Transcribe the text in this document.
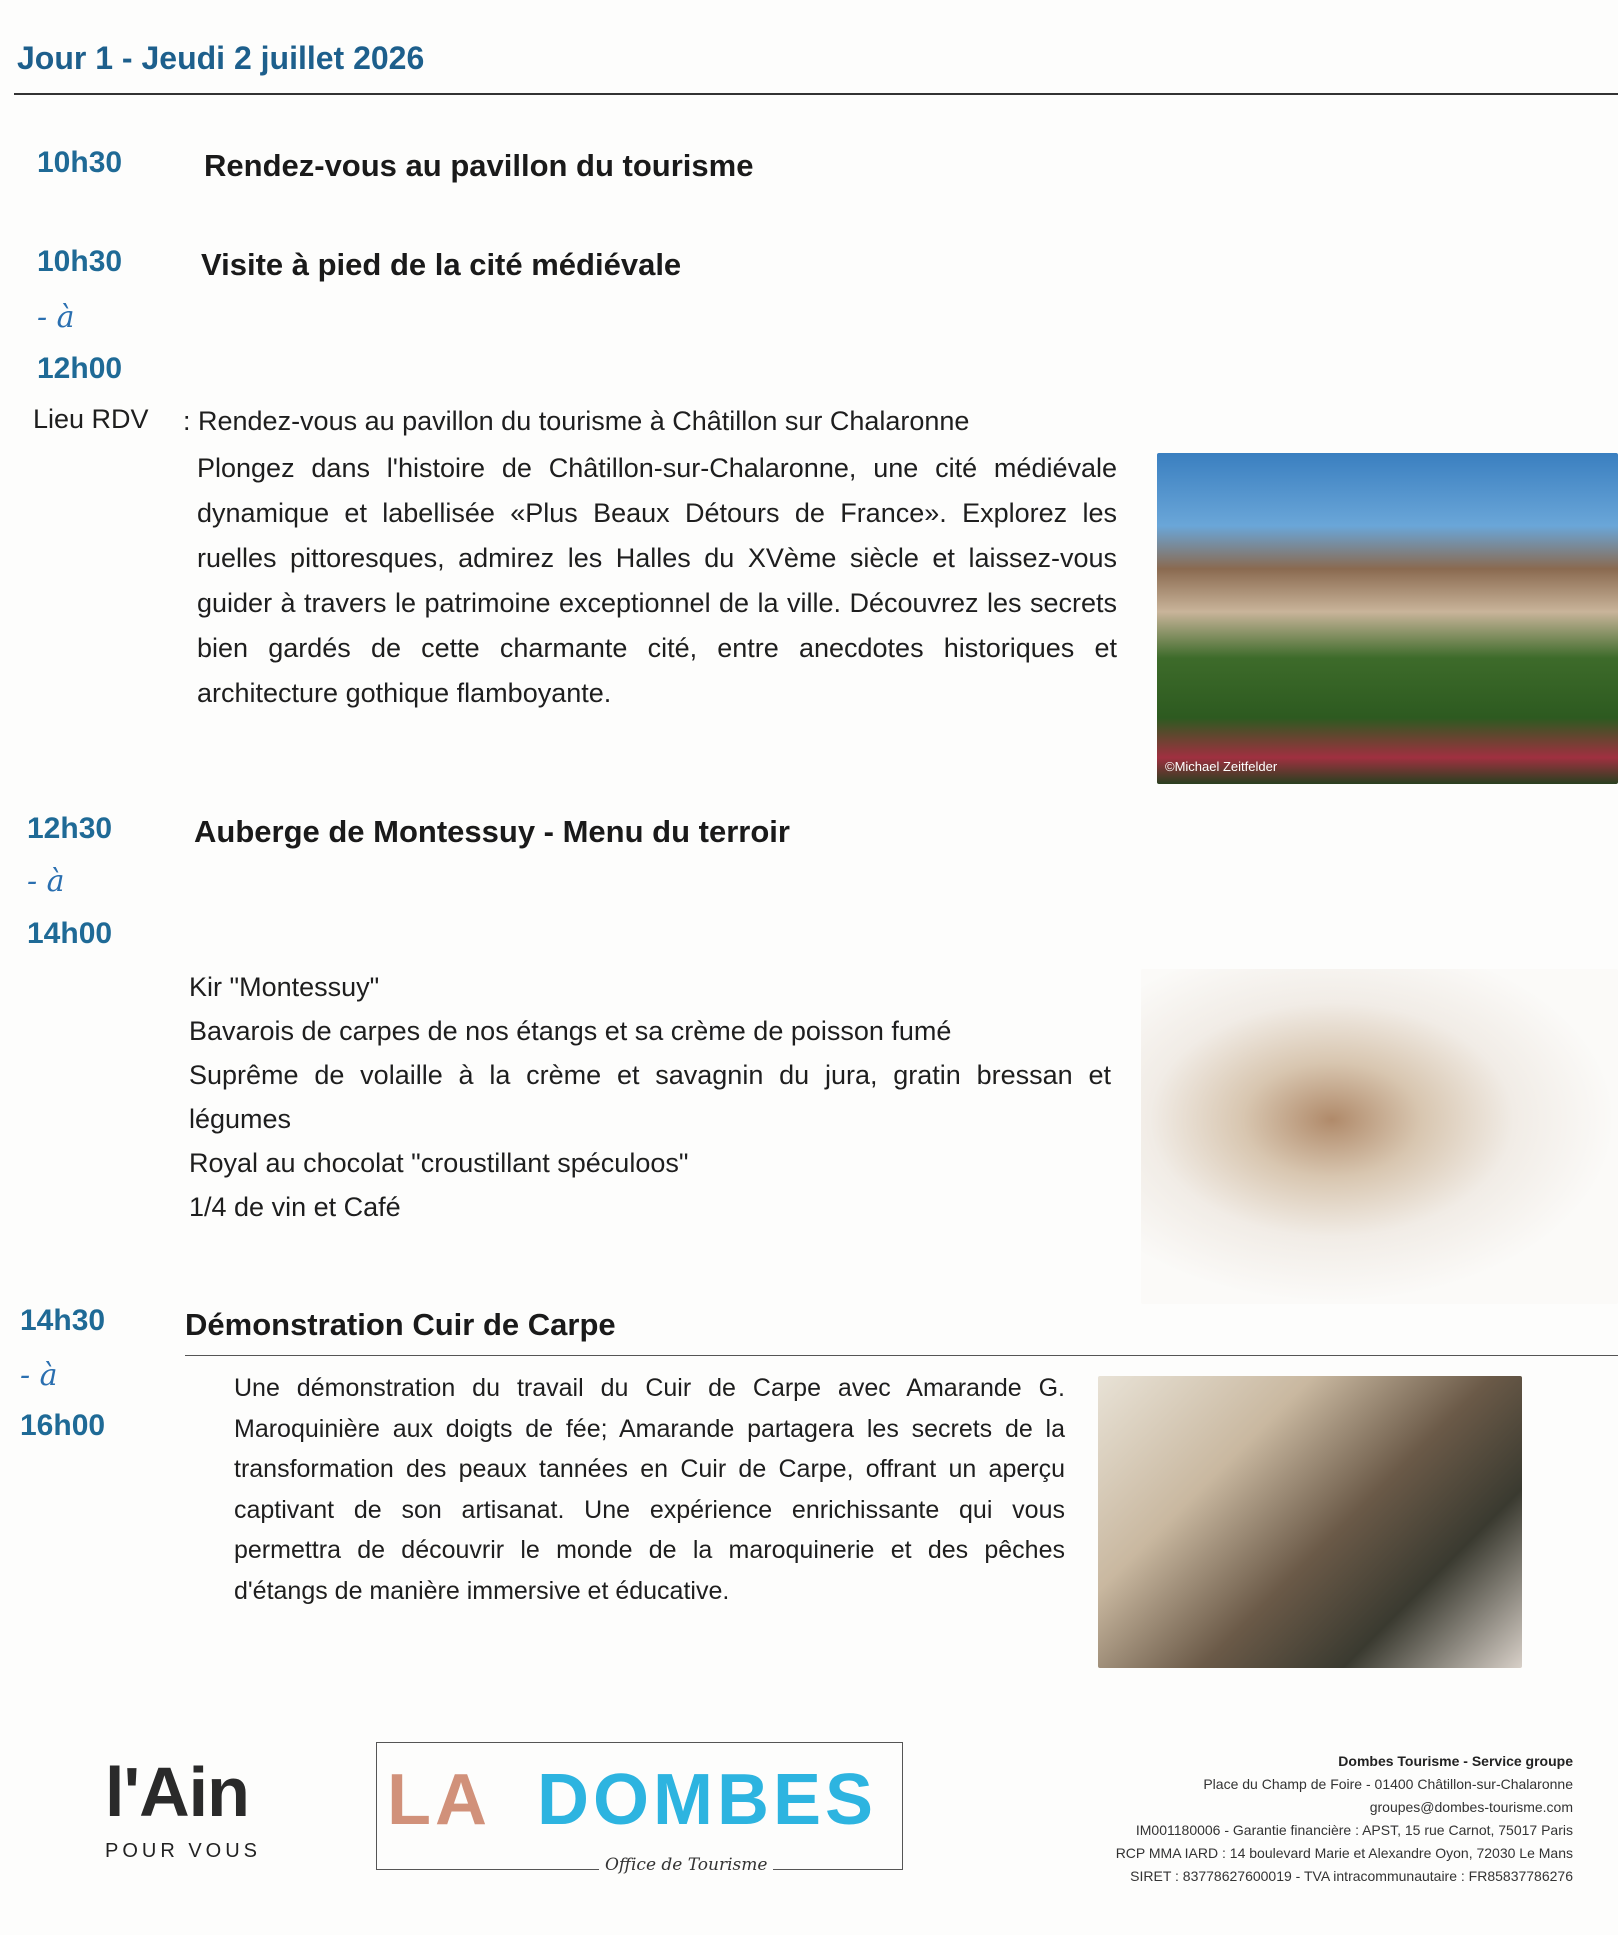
Jour 1 - Jeudi 2 juillet 2026
10h30	Rendez-vous au pavillon du tourisme
10h30
- à
12h00
Visite à pied de la cité médiévale
Lieu RDV : Rendez-vous au pavillon du tourisme à Châtillon sur Chalaronne
Plongez dans l'histoire de Châtillon-sur-Chalaronne, une cité médiévale dynamique et labellisée «Plus Beaux Détours de France». Explorez les ruelles pittoresques, admirez les Halles du XVème siècle et laissez-vous guider à travers le patrimoine exceptionnel de la ville. Découvrez les secrets bien gardés de cette charmante cité, entre anecdotes historiques et architecture gothique flamboyante.
©Michael Zeitfelder
12h30
- à
14h00
Auberge de Montessuy - Menu du terroir
Kir "Montessuy"
Bavarois de carpes de nos étangs et sa crème de poisson fumé
Suprême de volaille à la crème et savagnin du jura, gratin bressan et légumes
Royal au chocolat "croustillant spéculoos"
1/4 de vin et Café
14h30
- à
16h00
Démonstration Cuir de Carpe
Une démonstration du travail du Cuir de Carpe avec Amarande G. Maroquinière aux doigts de fée; Amarande partagera les secrets de la transformation des peaux tannées en Cuir de Carpe, offrant un aperçu captivant de son artisanat. Une expérience enrichissante qui vous permettra de découvrir le monde de la maroquinerie et des pêches d'étangs de manière immersive et éducative.
l'Ain
POUR VOUS
LA DOMBES
Office de Tourisme
Dombes Tourisme - Service groupe
Place du Champ de Foire - 01400 Châtillon-sur-Chalaronne
groupes@dombes-tourisme.com
IM001180006 - Garantie financière : APST, 15 rue Carnot, 75017 Paris
RCP MMA IARD : 14 boulevard Marie et Alexandre Oyon, 72030 Le Mans
SIRET : 83778627600019 - TVA intracommunautaire : FR85837786276
